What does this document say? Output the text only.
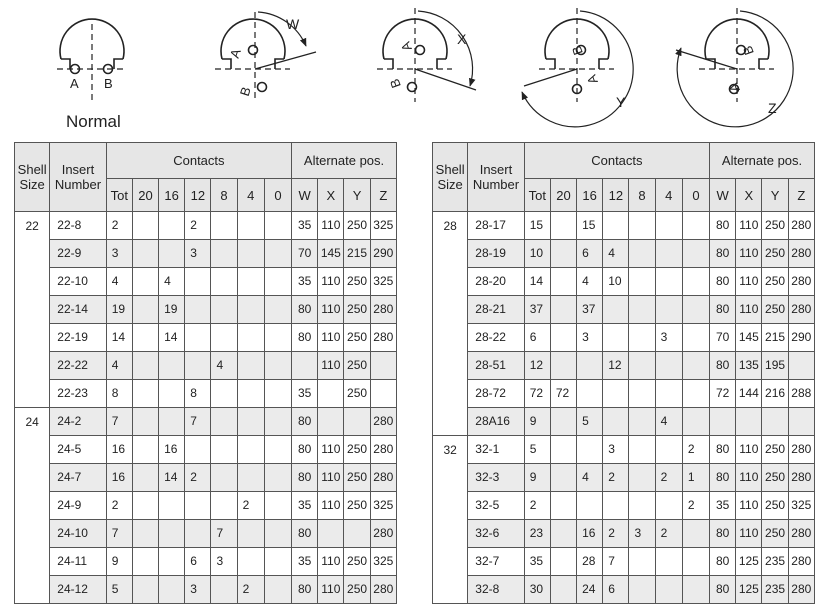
Normal
A B
A
B
W
A
B
X
B
A
Y
B
A
Z
Shell
Size	Insert
Number	Contacts							Alternate pos.			
		Tot	20	16	12	8	4	0	W	X	Y	Z
22	22-8	2			2				35	110	250	325
	22-9	3			3				70	145	215	290
	22-10	4		4					35	110	250	325
	22-14	19		19					80	110	250	280
	22-19	14		14					80	110	250	280
	22-22	4				4				110	250	
	22-23	8			8				35		250	
24	24-2	7			7				80			280
	24-5	16		16					80	110	250	280
	24-7	16		14	2				80	110	250	280
	24-9	2					2		35	110	250	325
	24-10	7				7			80			280
	24-11	9			6	3			35	110	250	325
	24-12	5			3		2		80	110	250	280
Shell
Size	Insert
Number	Contacts							Alternate pos.			
		Tot	20	16	12	8	4	0	W	X	Y	Z
28	28-17	15		15					80	110	250	280
	28-19	10		6	4				80	110	250	280
	28-20	14		4	10				80	110	250	280
	28-21	37		37					80	110	250	280
	28-22	6		3			3		70	145	215	290
	28-51	12			12				80	135	195	
	28-72	72	72						72	144	216	288
	28A16	9		5			4					
32	32-1	5			3			2	80	110	250	280
	32-3	9		4	2		2	1	80	110	250	280
	32-5	2						2	35	110	250	325
	32-6	23		16	2	3	2		80	110	250	280
	32-7	35		28	7				80	125	235	280
	32-8	30		24	6				80	125	235	280
